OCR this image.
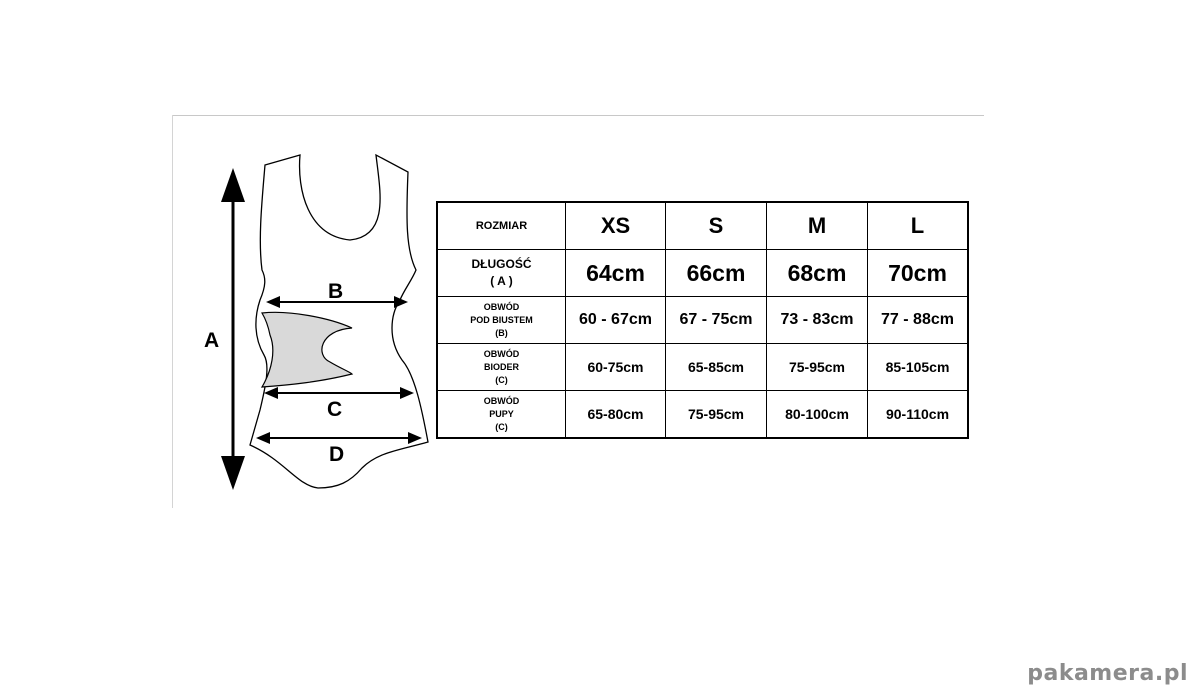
A
B
C
D
ROZMIAR	XS	S	M	L

DŁUGOŚĆ
( A )	64cm	66cm	68cm	70cm

OBWÓD
POD BIUSTEM
(B)	60 - 67cm	67 - 75cm	73 - 83cm	77 - 88cm

OBWÓD
BIODER
(C)	60-75cm	65-85cm	75-95cm	85-105cm

OBWÓD
PUPY
(C)	65-80cm	75-95cm	80-100cm	90-110cm
pakamera.pl
